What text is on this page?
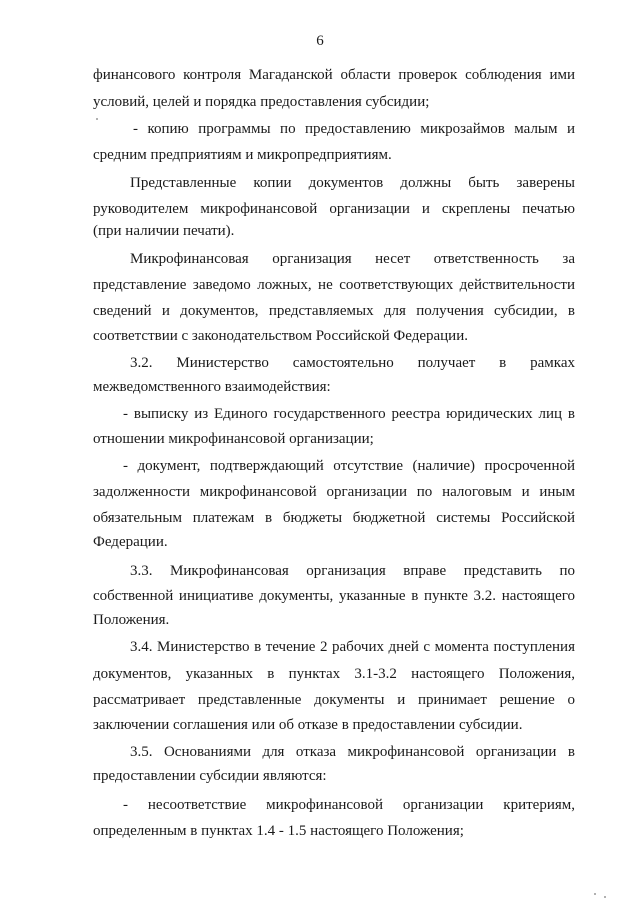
6
финансового контроля Магаданской области проверок соблюдения ими
условий, целей и порядка предоставления субсидии;
- копию программы по предоставлению микрозаймов малым и
средним предприятиям и микропредприятиям.
Представленные копии документов должны быть заверены
руководителем микрофинансовой организации и скреплены печатью
(при наличии печати).
Микрофинансовая организация несет ответственность за
представление заведомо ложных, не соответствующих действительности
сведений и документов, представляемых для получения субсидии, в
соответствии с законодательством Российской Федерации.
3.2. Министерство самостоятельно получает в рамках
межведомственного взаимодействия:
- выписку из Единого государственного реестра юридических лиц в
отношении микрофинансовой организации;
- документ, подтверждающий отсутствие (наличие) просроченной
задолженности микрофинансовой организации по налоговым и иным
обязательным платежам в бюджеты бюджетной системы Российской
Федерации.
3.3. Микрофинансовая организация вправе представить по
собственной инициативе документы, указанные в пункте 3.2. настоящего
Положения.
3.4. Министерство в течение 2 рабочих дней с момента поступления
документов, указанных в пунктах 3.1-3.2 настоящего Положения,
рассматривает представленные документы и принимает решение о
заключении соглашения или об отказе в предоставлении субсидии.
3.5. Основаниями для отказа микрофинансовой организации в
предоставлении субсидии являются:
- несоответствие микрофинансовой организации критериям,
определенным в пунктах 1.4 - 1.5 настоящего Положения;
